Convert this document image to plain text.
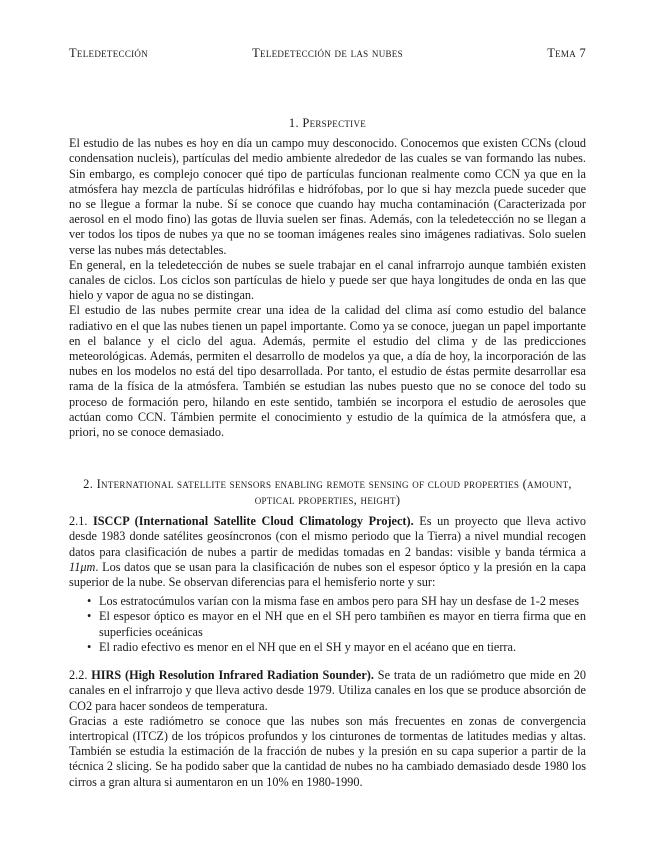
Teledetección	Teledetección de las nubes	Tema 7
1. Perspective

El estudio de las nubes es hoy en día un campo muy desconocido. Conocemos que existen CCNs (cloud condensation nucleis), partículas del medio ambiente alrededor de las cuales se van formando las nubes. Sin embargo, es complejo conocer qué tipo de partículas funcionan realmente como CCN ya que en la atmósfera hay mezcla de partículas hidrófilas e hidrófobas, por lo que si hay mezcla puede suceder que no se llegue a formar la nube. Sí se conoce que cuando hay mucha contaminación (Caracterizada por aerosol en el modo fino) las gotas de lluvia suelen ser finas. Además, con la teledetección no se llegan a ver todos los tipos de nubes ya que no se tooman imágenes reales sino imágenes radiativas. Solo suelen verse las nubes más detectables.

En general, en la teledetección de nubes se suele trabajar en el canal infrarrojo aunque también existen canales de ciclos. Los ciclos son partículas de hielo y puede ser que haya longitudes de onda en las que hielo y vapor de agua no se distingan.

El estudio de las nubes permite crear una idea de la calidad del clima así como estudio del balance radiativo en el que las nubes tienen un papel importante. Como ya se conoce, juegan un papel importante en el balance y el ciclo del agua. Además, permite el estudio del clima y de las predicciones meteorológicas. Además, permiten el desarrollo de modelos ya que, a día de hoy, la incorporación de las nubes en los modelos no está del tipo desarrollada. Por tanto, el estudio de éstas permite desarrollar esa rama de la física de la atmósfera. También se estudian las nubes puesto que no se conoce del todo su proceso de formación pero, hilando en este sentido, también se incorpora el estudio de aerosoles que actúan como CCN. Támbien permite el conocimiento y estudio de la química de la atmósfera que, a priori, no se conoce demasiado.

2. International satellite sensors enabling remote sensing of cloud properties (amount, optical properties, height)

2.1. ISCCP (International Satellite Cloud Climatology Project). Es un proyecto que lleva activo desde 1983 donde satélites geosíncronos (con el mismo periodo que la Tierra) a nivel mundial recogen datos para clasificación de nubes a partir de medidas tomadas en 2 bandas: visible y banda térmica a 11μm. Los datos que se usan para la clasificación de nubes son el espesor óptico y la presión en la capa superior de la nube. Se observan diferencias para el hemisferio norte y sur:

• Los estratocúmulos varían con la misma fase en ambos pero para SH hay un desfase de 1-2 meses
• El espesor óptico es mayor en el NH que en el SH pero tambiñen es mayor en tierra firma que en superficies oceánicas
• El radio efectivo es menor en el NH que en el SH y mayor en el acéano que en tierra.

2.2. HIRS (High Resolution Infrared Radiation Sounder). Se trata de un radiómetro que mide en 20 canales en el infrarrojo y que lleva activo desde 1979. Utiliza canales en los que se produce absorción de CO2 para hacer sondeos de temperatura.

Gracias a este radiómetro se conoce que las nubes son más frecuentes en zonas de convergencia intertropical (ITCZ) de los trópicos profundos y los cinturones de tormentas de latitudes medias y altas. También se estudia la estimación de la fracción de nubes y la presión en su capa superior a partir de la técnica 2 slicing. Se ha podido saber que la cantidad de nubes no ha cambiado demasiado desde 1980 los cirros a gran altura si aumentaron en un 10% en 1980-1990.
